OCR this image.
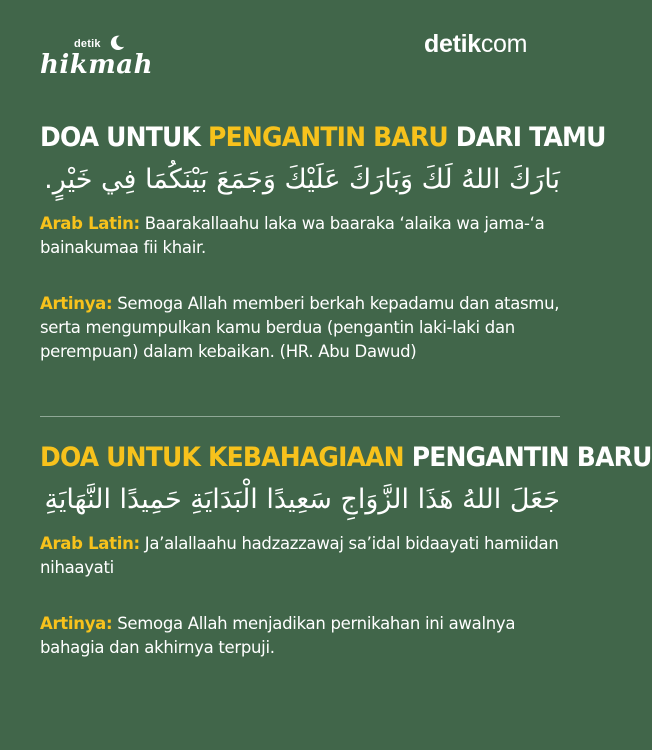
detik
hikmah
detikcom
DOA UNTUK PENGANTIN BARU DARI TAMU
بَارَكَ اللهُ لَكَ وَبَارَكَ عَلَيْكَ وَجَمَعَ بَيْنَكُمَا فِي خَيْرٍ.
Arab Latin: Baarakallaahu laka wa baaraka ‘alaika wa jama-‘a bainakumaa fii khair.
Artinya: Semoga Allah memberi berkah kepadamu dan atasmu, serta mengumpulkan kamu berdua (pengantin laki-laki dan perempuan) dalam kebaikan. (HR. Abu Dawud)
DOA UNTUK KEBAHAGIAAN PENGANTIN BARU
جَعَلَ اللهُ هَذَا الزَّوَاجِ سَعِيدًا الْبَدَايَةِ حَمِيدًا النَّهَايَةِ
Arab Latin: Ja’alallaahu hadzazzawaj sa’idal bidaayati hamiidan nihaayati
Artinya: Semoga Allah menjadikan pernikahan ini awalnya bahagia dan akhirnya terpuji.
